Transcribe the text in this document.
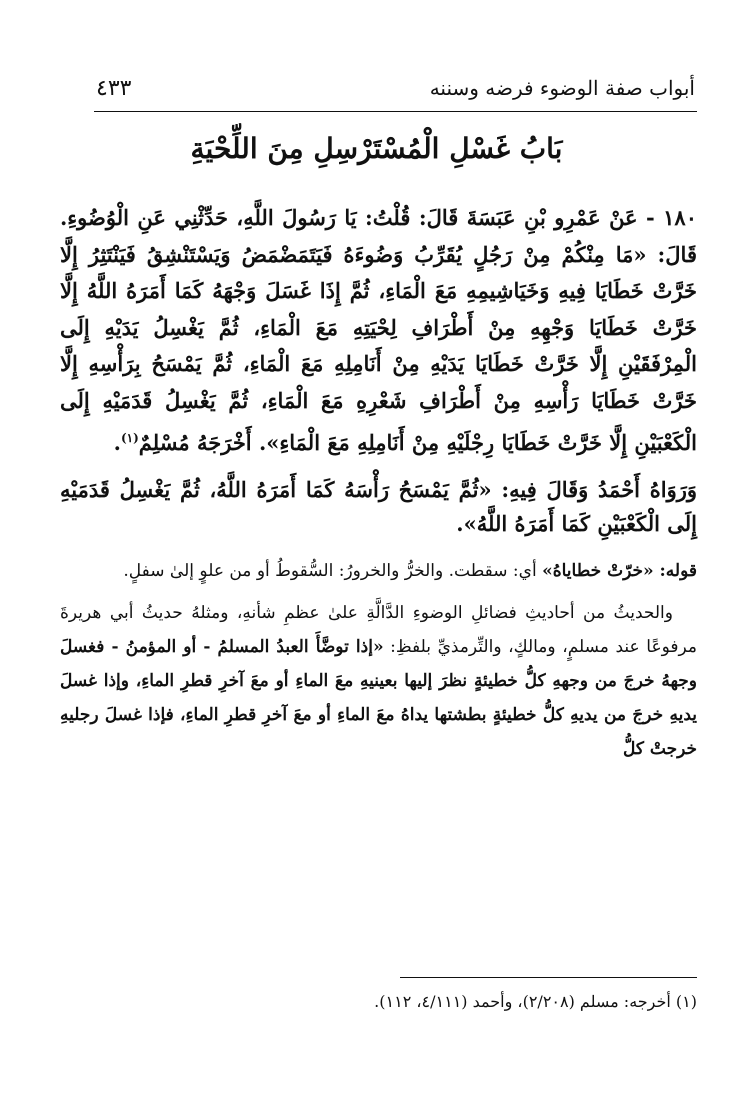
أبواب صفة الوضوء فرضه وسننه
٤٣٣
بَابُ غَسْلِ الْمُسْتَرْسِلِ مِنَ اللِّحْيَةِ

١٨٠ - عَنْ عَمْرِو بْنِ عَبَسَةَ قَالَ: قُلْتُ: يَا رَسُولَ اللَّهِ، حَدِّثْنِي عَنِ الْوُضُوءِ. قَالَ: «مَا مِنْكُمْ مِنْ رَجُلٍ يُقَرِّبُ وَضُوءَهُ فَيَتَمَضْمَضُ وَيَسْتَنْشِقُ فَيَنْتَثِرُ إِلَّا خَرَّتْ خَطَايَا فِيهِ وَخَيَاشِيمِهِ مَعَ الْمَاءِ، ثُمَّ إِذَا غَسَلَ وَجْهَهُ كَمَا أَمَرَهُ اللَّهُ إِلَّا خَرَّتْ خَطَايَا وَجْهِهِ مِنْ أَطْرَافِ لِحْيَتِهِ مَعَ الْمَاءِ، ثُمَّ يَغْسِلُ يَدَيْهِ إِلَى الْمِرْفَقَيْنِ إِلَّا خَرَّتْ خَطَايَا يَدَيْهِ مِنْ أَنَامِلِهِ مَعَ الْمَاءِ، ثُمَّ يَمْسَحُ بِرَأْسِهِ إِلَّا خَرَّتْ خَطَايَا رَأْسِهِ مِنْ أَطْرَافِ شَعْرِهِ مَعَ الْمَاءِ، ثُمَّ يَغْسِلُ قَدَمَيْهِ إِلَى الْكَعْبَيْنِ إِلَّا خَرَّتْ خَطَايَا رِجْلَيْهِ مِنْ أَنَامِلِهِ مَعَ الْمَاءِ». أَخْرَجَهُ مُسْلِمٌ$^{(١)}$.

وَرَوَاهُ أَحْمَدُ وَقَالَ فِيهِ: «ثُمَّ يَمْسَحُ رَأْسَهُ كَمَا أَمَرَهُ اللَّهُ، ثُمَّ يَغْسِلُ قَدَمَيْهِ إِلَى الْكَعْبَيْنِ كَمَا أَمَرَهُ اللَّهُ».

قوله: «خرّتْ خطاياهُ» أي: سقطت. والخرُّ والخرورُ: السُّقوطُ أو من علوٍ إلىٰ سفلٍ.

والحديثُ من أحاديثِ فضائلِ الوضوءِ الدَّالَّةِ علىٰ عظمِ شأنهِ، ومثلهُ حديثُ أبي هريرةَ مرفوعًا عند مسلمٍ، ومالكٍ، والتِّرمذيِّ بلفظِ: «إذا توضَّأَ العبدُ المسلمُ - أو المؤمنُ - فغسلَ وجههُ خرجَ من وجههِ كلُّ خطيئةٍ نظرَ إليها بعينيهِ معَ الماءِ أو معَ آخرِ قطرِ الماءِ، وإذا غسلَ يديهِ خرجَ من يديهِ كلُّ خطيئةٍ بطشتها يداهُ معَ الماءِ أو معَ آخرِ قطرِ الماءِ، فإذا غسلَ رجليهِ خرجتْ كلُّ

(١) أخرجه: مسلم (٢/٢٠٨)، وأحمد (٤/١١١، ١١٢).
